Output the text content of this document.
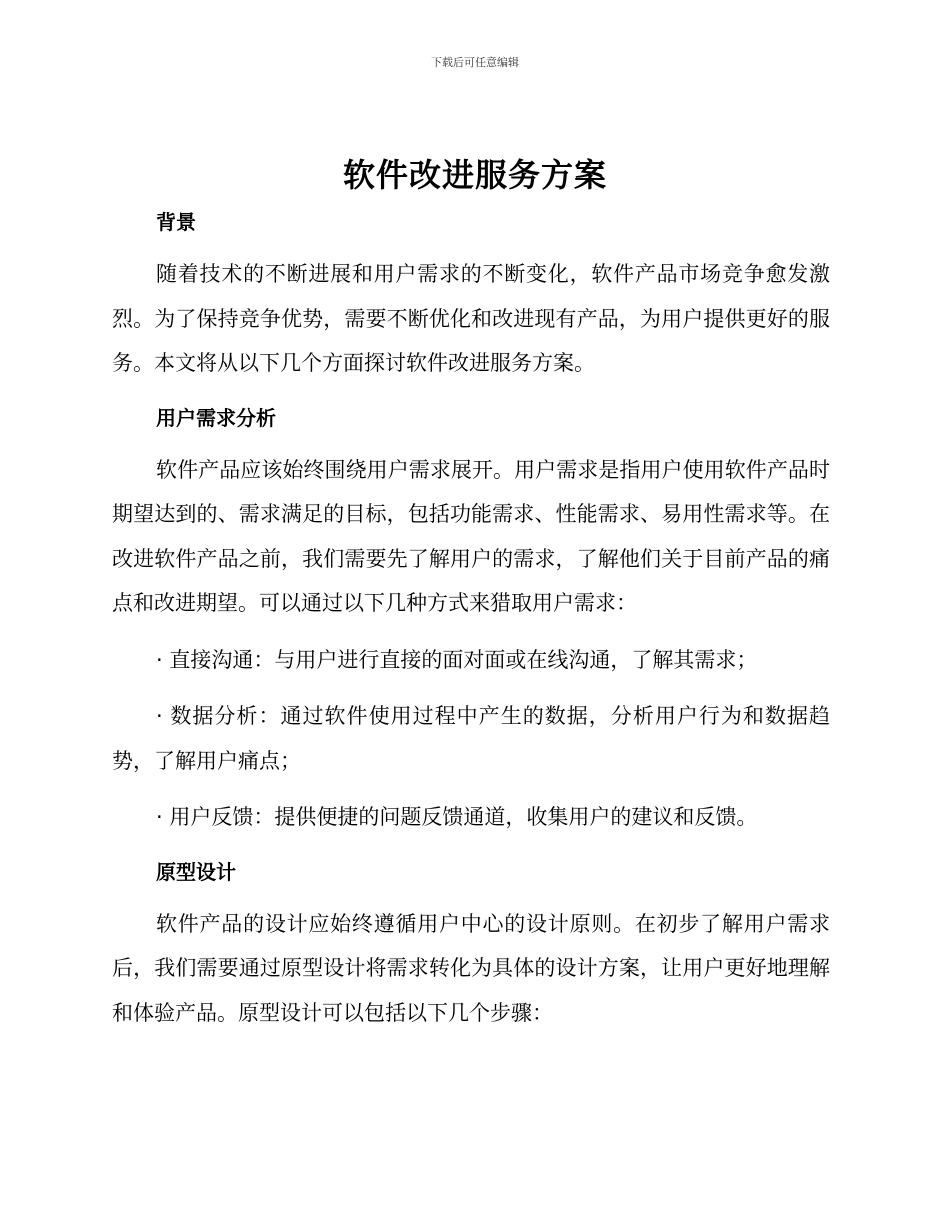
下载后可任意编辑
软件改进服务方案
背景

随着技术的不断进展和用户需求的不断变化，软件产品市场竞争愈发激烈。为了保持竞争优势，需要不断优化和改进现有产品，为用户提供更好的服务。本文将从以下几个方面探讨软件改进服务方案。

用户需求分析

软件产品应该始终围绕用户需求展开。用户需求是指用户使用软件产品时期望达到的、需求满足的目标，包括功能需求、性能需求、易用性需求等。在改进软件产品之前，我们需要先了解用户的需求，了解他们关于目前产品的痛点和改进期望。可以通过以下几种方式来猎取用户需求：

· 直接沟通：与用户进行直接的面对面或在线沟通，了解其需求；

· 数据分析：通过软件使用过程中产生的数据，分析用户行为和数据趋势，了解用户痛点；

· 用户反馈：提供便捷的问题反馈通道，收集用户的建议和反馈。

原型设计

软件产品的设计应始终遵循用户中心的设计原则。在初步了解用户需求后，我们需要通过原型设计将需求转化为具体的设计方案，让用户更好地理解和体验产品。原型设计可以包括以下几个步骤：
